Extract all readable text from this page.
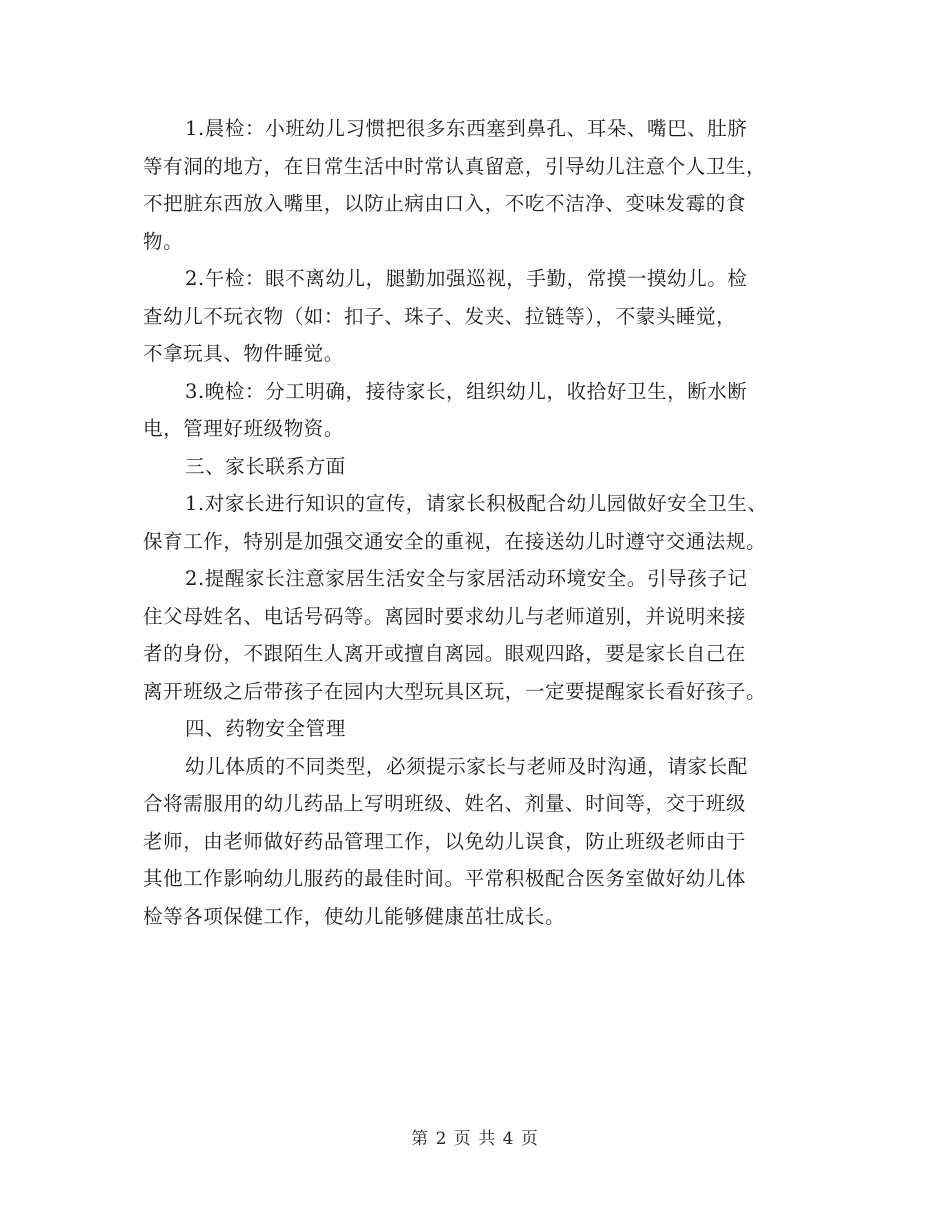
1.晨检：小班幼儿习惯把很多东西塞到鼻孔、耳朵、嘴巴、肚脐
等有洞的地方，在日常生活中时常认真留意，引导幼儿注意个人卫生，
不把脏东西放入嘴里，以防止病由口入，不吃不洁净、变味发霉的食
物。
2.午检：眼不离幼儿，腿勤加强巡视，手勤，常摸一摸幼儿。检
查幼儿不玩衣物（如：扣子、珠子、发夹、拉链等），不蒙头睡觉，
不拿玩具、物件睡觉。
3.晚检：分工明确，接待家长，组织幼儿，收拾好卫生，断水断
电，管理好班级物资。
三、家长联系方面
1.对家长进行知识的宣传，请家长积极配合幼儿园做好安全卫生、
保育工作，特别是加强交通安全的重视，在接送幼儿时遵守交通法规。
2.提醒家长注意家居生活安全与家居活动环境安全。引导孩子记
住父母姓名、电话号码等。离园时要求幼儿与老师道别，并说明来接
者的身份，不跟陌生人离开或擅自离园。眼观四路，要是家长自己在
离开班级之后带孩子在园内大型玩具区玩，一定要提醒家长看好孩子。
四、药物安全管理
幼儿体质的不同类型，必须提示家长与老师及时沟通，请家长配
合将需服用的幼儿药品上写明班级、姓名、剂量、时间等，交于班级
老师，由老师做好药品管理工作，以免幼儿误食，防止班级老师由于
其他工作影响幼儿服药的最佳时间。平常积极配合医务室做好幼儿体
检等各项保健工作，使幼儿能够健康茁壮成长。
第 2 页 共 4 页
